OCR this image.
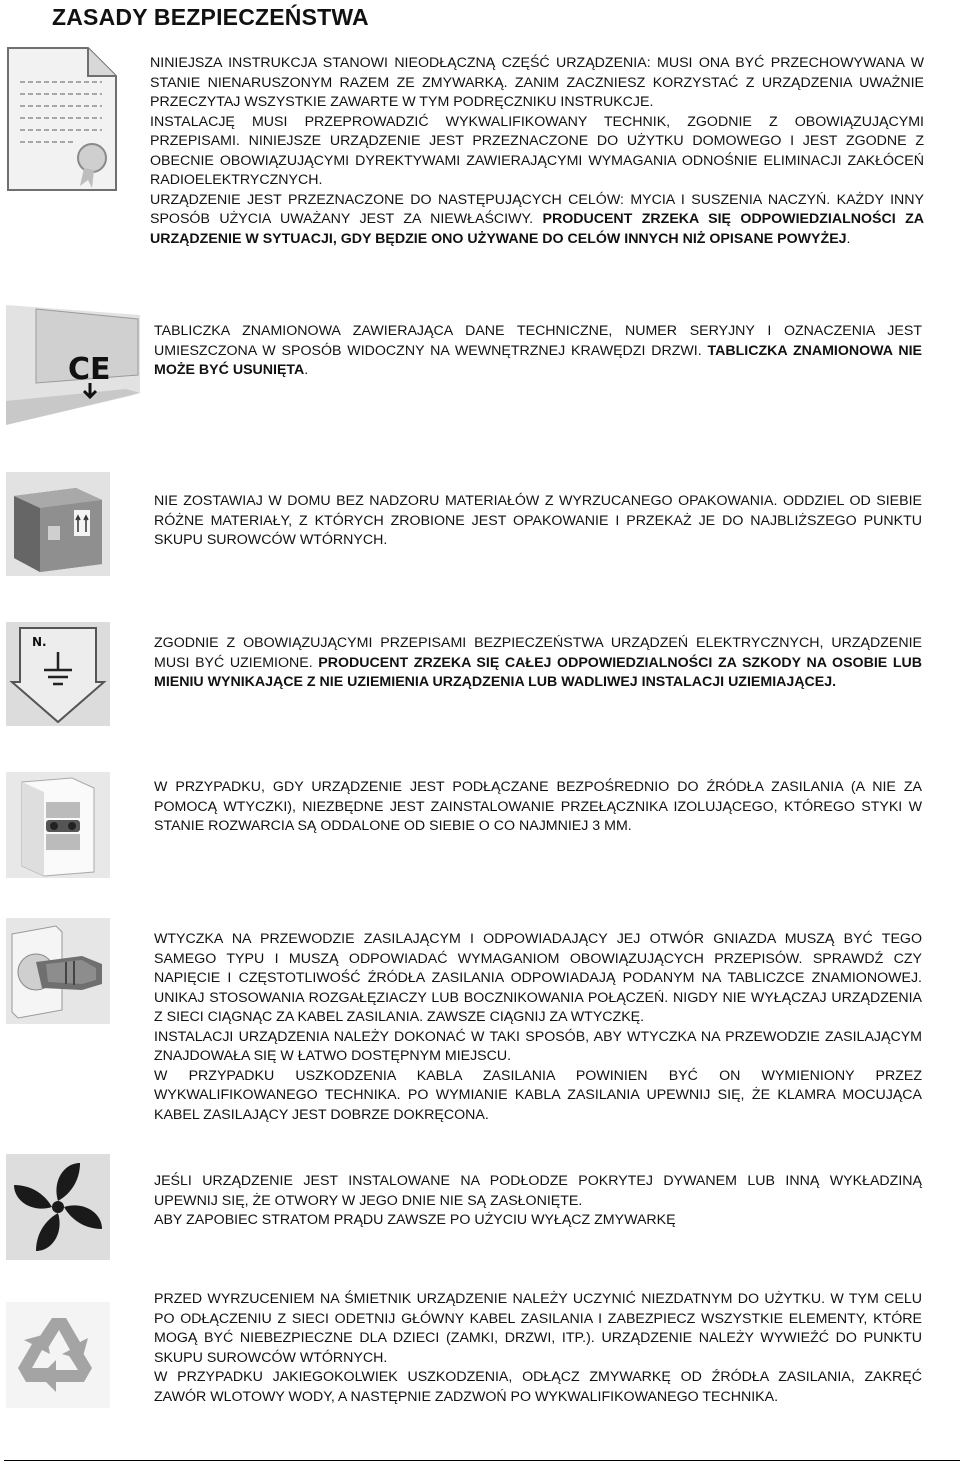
ZASADY BEZPIECZEŃSTWA
CE
N.

NINIEJSZA INSTRUKCJA STANOWI NIEODŁĄCZNĄ CZĘŚĆ URZĄDZENIA: MUSI ONA BYĆ PRZECHOWYWANA W STANIE NIENARUSZONYM RAZEM ZE ZMYWARKĄ. ZANIM ZACZNIESZ KORZYSTAĆ Z URZĄDZENIA UWAŻNIE PRZECZYTAJ WSZYSTKIE ZAWARTE W TYM PODRĘCZNIKU INSTRUKCJE.

INSTALACJĘ MUSI PRZEPROWADZIĆ WYKWALIFIKOWANY TECHNIK, ZGODNIE Z OBOWIĄZUJĄCYMI PRZEPISAMI. NINIEJSZE URZĄDZENIE JEST PRZEZNACZONE DO UŻYTKU DOMOWEGO I JEST ZGODNE Z OBECNIE OBOWIĄZUJĄCYMI DYREKTYWAMI ZAWIERAJĄCYMI WYMAGANIA ODNOŚNIE ELIMINACJI ZAKŁÓCEŃ RADIOELEKTRYCZNYCH.

URZĄDZENIE JEST PRZEZNACZONE DO NASTĘPUJĄCYCH CELÓW: MYCIA I SUSZENIA NACZYŃ. KAŻDY INNY SPOSÓB UŻYCIA UWAŻANY JEST ZA NIEWŁAŚCIWY. PRODUCENT ZRZEKA SIĘ ODPOWIEDZIALNOŚCI ZA URZĄDZENIE W SYTUACJI, GDY BĘDZIE ONO UŻYWANE DO CELÓW INNYCH NIŻ OPISANE POWYŻEJ.

TABLICZKA ZNAMIONOWA ZAWIERAJĄCA DANE TECHNICZNE, NUMER SERYJNY I OZNACZENIA JEST UMIESZCZONA W SPOSÓB WIDOCZNY NA WEWNĘTRZNEJ KRAWĘDZI DRZWI. TABLICZKA ZNAMIONOWA NIE MOŻE BYĆ USUNIĘTA.

NIE ZOSTAWIAJ W DOMU BEZ NADZORU MATERIAŁÓW Z WYRZUCANEGO OPAKOWANIA. ODDZIEL OD SIEBIE RÓŻNE MATERIAŁY, Z KTÓRYCH ZROBIONE JEST OPAKOWANIE I PRZEKAŻ JE DO NAJBLIŻSZEGO PUNKTU SKUPU SUROWCÓW WTÓRNYCH.

ZGODNIE Z OBOWIĄZUJĄCYMI PRZEPISAMI BEZPIECZEŃSTWA URZĄDZEŃ ELEKTRYCZNYCH, URZĄDZENIE MUSI BYĆ UZIEMIONE. PRODUCENT ZRZEKA SIĘ CAŁEJ ODPOWIEDZIALNOŚCI ZA SZKODY NA OSOBIE LUB MIENIU WYNIKAJĄCE Z NIE UZIEMIENIA URZĄDZENIA LUB WADLIWEJ INSTALACJI UZIEMIAJĄCEJ.

W PRZYPADKU, GDY URZĄDZENIE JEST PODŁĄCZANE BEZPOŚREDNIO DO ŹRÓDŁA ZASILANIA (A NIE ZA POMOCĄ WTYCZKI), NIEZBĘDNE JEST ZAINSTALOWANIE PRZEŁĄCZNIKA IZOLUJĄCEGO, KTÓREGO STYKI W STANIE ROZWARCIA SĄ ODDALONE OD SIEBIE O CO NAJMNIEJ 3 MM.

WTYCZKA NA PRZEWODZIE ZASILAJĄCYM I ODPOWIADAJĄCY JEJ OTWÓR GNIAZDA MUSZĄ BYĆ TEGO SAMEGO TYPU I MUSZĄ ODPOWIADAĆ WYMAGANIOM OBOWIĄZUJĄCYCH PRZEPISÓW. SPRAWDŹ CZY NAPIĘCIE I CZĘSTOTLIWOŚĆ ŹRÓDŁA ZASILANIA ODPOWIADAJĄ PODANYM NA TABLICZCE ZNAMIONOWEJ. UNIKAJ STOSOWANIA ROZGAŁĘZIACZY LUB BOCZNIKOWANIA POŁĄCZEŃ. NIGDY NIE WYŁĄCZAJ URZĄDZENIA Z SIECI CIĄGNĄC ZA KABEL ZASILANIA. ZAWSZE CIĄGNIJ ZA WTYCZKĘ.

INSTALACJI URZĄDZENIA NALEŻY DOKONAĆ W TAKI SPOSÓB, ABY WTYCZKA NA PRZEWODZIE ZASILAJĄCYM ZNAJDOWAŁA SIĘ W ŁATWO DOSTĘPNYM MIEJSCU.

W PRZYPADKU USZKODZENIA KABLA ZASILANIA POWINIEN BYĆ ON WYMIENIONY PRZEZ WYKWALIFIKOWANEGO TECHNIKA. PO WYMIANIE KABLA ZASILANIA UPEWNIJ SIĘ, ŻE KLAMRA MOCUJĄCA KABEL ZASILAJĄCY JEST DOBRZE DOKRĘCONA.

JEŚLI URZĄDZENIE JEST INSTALOWANE NA PODŁODZE POKRYTEJ DYWANEM LUB INNĄ WYKŁADZINĄ UPEWNIJ SIĘ, ŻE OTWORY W JEGO DNIE NIE SĄ ZASŁONIĘTE.

ABY ZAPOBIEC STRATOM PRĄDU ZAWSZE PO UŻYCIU WYŁĄCZ ZMYWARKĘ

PRZED WYRZUCENIEM NA ŚMIETNIK URZĄDZENIE NALEŻY UCZYNIĆ NIEZDATNYM DO UŻYTKU. W TYM CELU PO ODŁĄCZENIU Z SIECI ODETNIJ GŁÓWNY KABEL ZASILANIA I ZABEZPIECZ WSZYSTKIE ELEMENTY, KTÓRE MOGĄ BYĆ NIEBEZPIECZNE DLA DZIECI (ZAMKI, DRZWI, ITP.). URZĄDZENIE NALEŻY WYWIEŹĆ DO PUNKTU SKUPU SUROWCÓW WTÓRNYCH.

W PRZYPADKU JAKIEGOKOLWIEK USZKODZENIA, ODŁĄCZ ZMYWARKĘ OD ŹRÓDŁA ZASILANIA, ZAKRĘĆ ZAWÓR WLOTOWY WODY, A NASTĘPNIE ZADZWOŃ PO WYKWALIFIKOWANEGO TECHNIKA.
